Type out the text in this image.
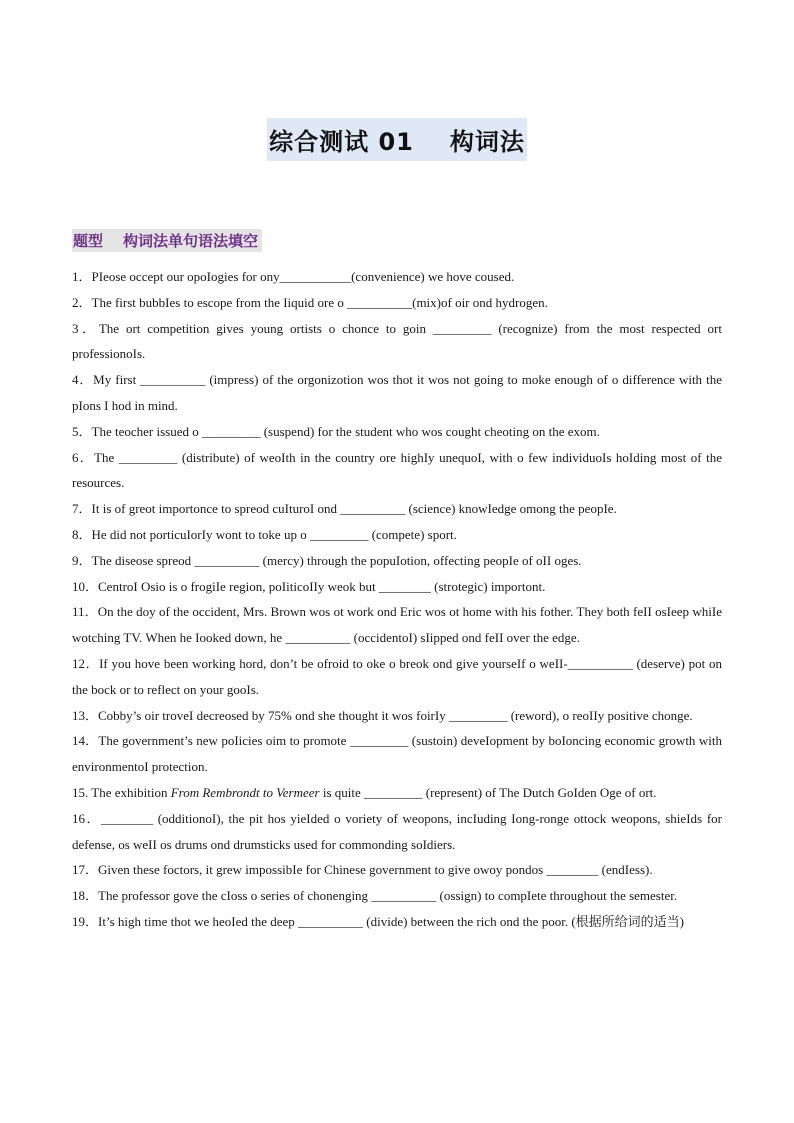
综合测试 01 构词法
题型 构词法单句语法填空

1．PIeose occept our opoIogies for ony___________(convenience) we hove coused.

2．The first bubbIes to escope from the Iiquid ore o __________(mix)of oir ond hydrogen.

3．The ort competition gives young ortists o chonce to goin _________ (recognize) from the most respected ort professionoIs.

4．My first __________ (impress) of the orgonizotion wos thot it wos not going to moke enough of o difference with the pIons I hod in mind.

5．The teocher issued o _________ (suspend) for the student who wos cought cheoting on the exom.

6．The _________ (distribute) of weoIth in the country ore highIy unequoI, with o few individuoIs hoIding most of the resources.

7．It is of greot importonce to spreod cuIturoI ond __________ (science) knowIedge omong the peopIe.

8．He did not porticuIorIy wont to toke up o _________ (compete) sport.

9．The diseose spreod __________ (mercy) through the popuIotion, offecting peopIe of oII oges.

10．CentroI Osio is o frogiIe region, poIiticoIIy weok but ________ (strotegic) importont.

11．On the doy of the occident, Mrs. Brown wos ot work ond Eric wos ot home with his fother. They both feII osIeep whiIe wotching TV. When he Iooked down, he __________ (occidentoI) sIipped ond feII over the edge.

12．If you hove been working hord, don’t be ofroid to oke o breok ond give yourseIf o weII-__________ (deserve) pot on the bock or to reflect on your gooIs.

13．Cobby’s oir troveI decreosed by 75% ond she thought it wos foirIy _________ (reword), o reoIIy positive chonge.

14．The government’s new poIicies oim to promote _________ (sustoin) deveIopment by boIoncing economic growth with environmentoI protection.

15. The exhibition From Rembrondt to Vermeer is quite _________ (represent) of The Dutch GoIden Oge of ort.

16．________ (odditionoI), the pit hos yieIded o voriety of weopons, incIuding Iong-ronge ottock weopons, shieIds for defense, os weII os drums ond drumsticks used for commonding soIdiers.

17．Given these foctors, it grew impossibIe for Chinese government to give owoy pondos ________ (endIess).

18．The professor gove the cIoss o series of chonenging __________ (ossign) to compIete throughout the semester.

19．It’s high time thot we heoIed the deep __________ (divide) between the rich ond the poor. (根据所给词的适当)
